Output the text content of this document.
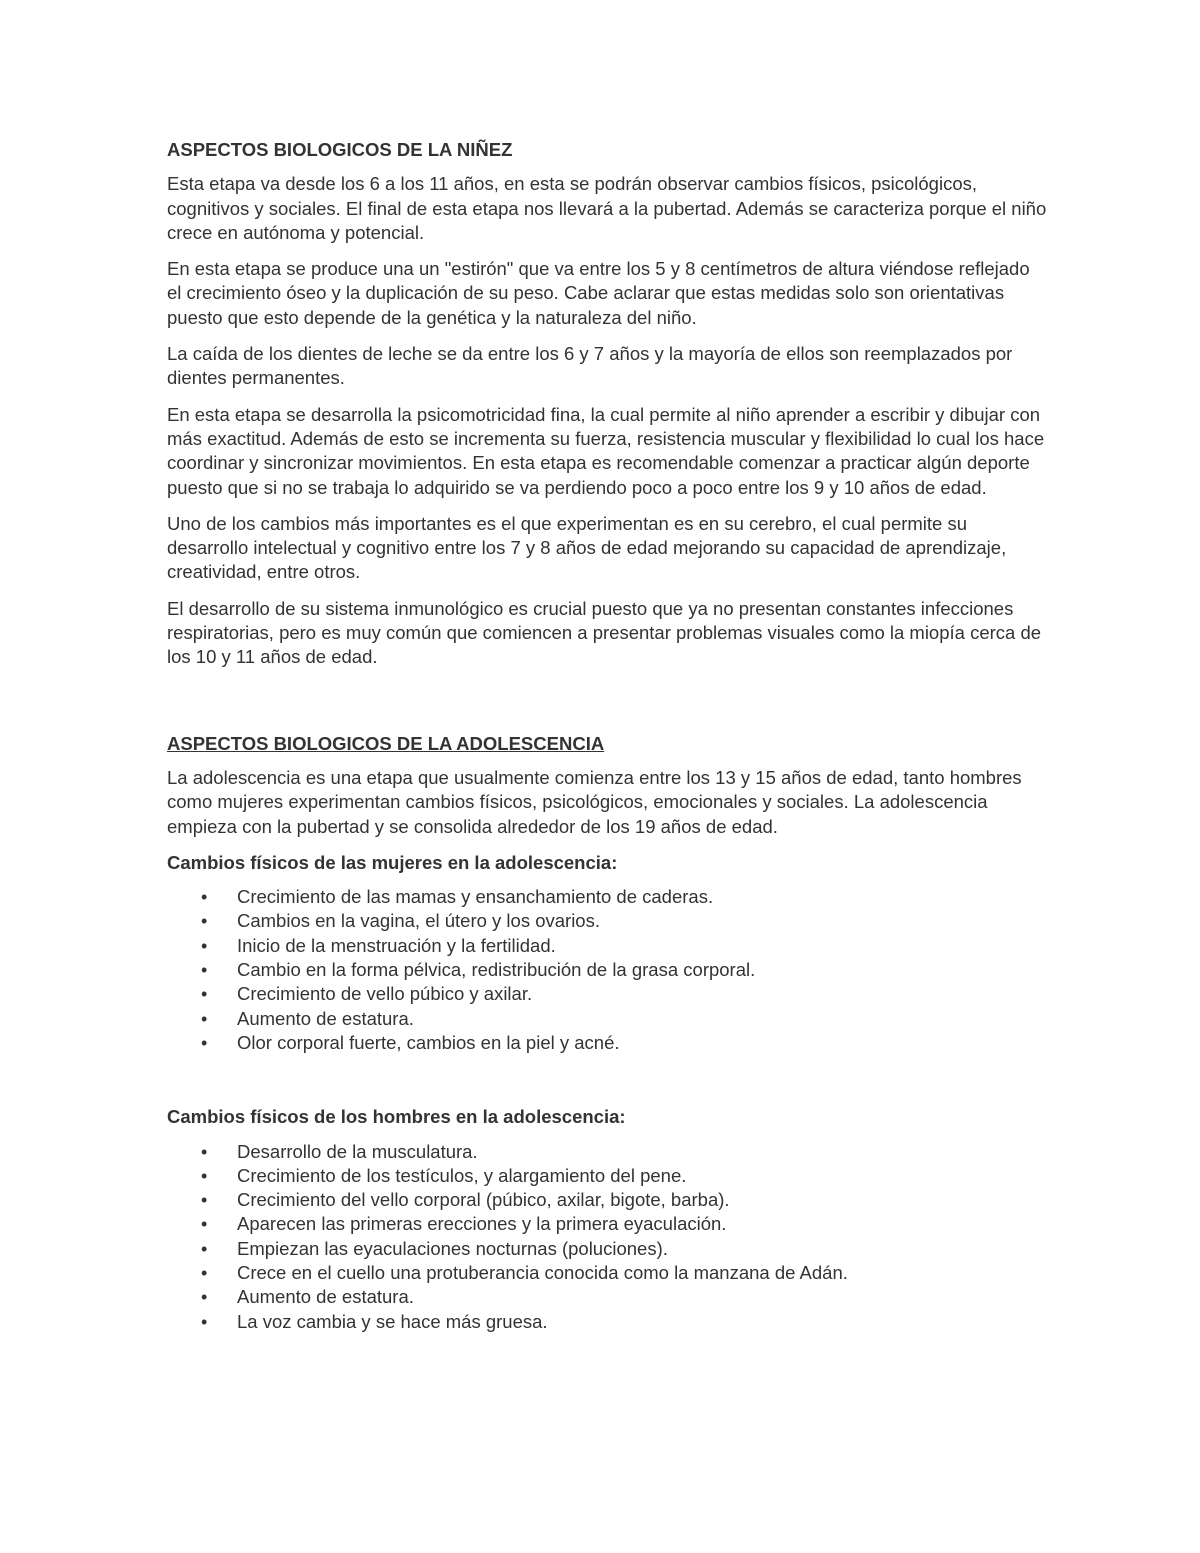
ASPECTOS BIOLOGICOS DE LA NIÑEZ

Esta etapa va desde los 6 a los 11 años, en esta se podrán observar cambios físicos, psicológicos, cognitivos y sociales. El final de esta etapa nos llevará a la pubertad. Además se caracteriza porque el niño crece en autónoma y potencial.

En esta etapa se produce una un "estirón" que va entre los 5 y 8 centímetros de altura viéndose reflejado el crecimiento óseo y la duplicación de su peso. Cabe aclarar que estas medidas solo son orientativas puesto que esto depende de la genética y la naturaleza del niño.

La caída de los dientes de leche se da entre los 6 y 7 años y la mayoría de ellos son reemplazados por dientes permanentes.

En esta etapa se desarrolla la psicomotricidad fina, la cual permite al niño aprender a escribir y dibujar con más exactitud. Además de esto se incrementa su fuerza, resistencia muscular y flexibilidad lo cual los hace coordinar y sincronizar movimientos. En esta etapa es recomendable comenzar a practicar algún deporte puesto que si no se trabaja lo adquirido se va perdiendo poco a poco entre los 9 y 10 años de edad.

Uno de los cambios más importantes es el que experimentan es en su cerebro, el cual permite su desarrollo intelectual y cognitivo entre los 7 y 8 años de edad mejorando su capacidad de aprendizaje, creatividad, entre otros.

El desarrollo de su sistema inmunológico es crucial puesto que ya no presentan constantes infecciones respiratorias, pero es muy común que comiencen a presentar problemas visuales como la miopía cerca de los 10 y 11 años de edad.

ASPECTOS BIOLOGICOS DE LA ADOLESCENCIA

La adolescencia es una etapa que usualmente comienza entre los 13 y 15 años de edad, tanto hombres como mujeres experimentan cambios físicos, psicológicos, emocionales y sociales. La adolescencia empieza con la pubertad y se consolida alrededor de los 19 años de edad.

Cambios físicos de las mujeres en la adolescencia:
• Crecimiento de las mamas y ensanchamiento de caderas.
• Cambios en la vagina, el útero y los ovarios.
• Inicio de la menstruación y la fertilidad.
• Cambio en la forma pélvica, redistribución de la grasa corporal.
• Crecimiento de vello púbico y axilar.
• Aumento de estatura.
• Olor corporal fuerte, cambios en la piel y acné.
Cambios físicos de los hombres en la adolescencia:
• Desarrollo de la musculatura.
• Crecimiento de los testículos, y alargamiento del pene.
• Crecimiento del vello corporal (púbico, axilar, bigote, barba).
• Aparecen las primeras erecciones y la primera eyaculación.
• Empiezan las eyaculaciones nocturnas (poluciones).
• Crece en el cuello una protuberancia conocida como la manzana de Adán.
• Aumento de estatura.
• La voz cambia y se hace más gruesa.
